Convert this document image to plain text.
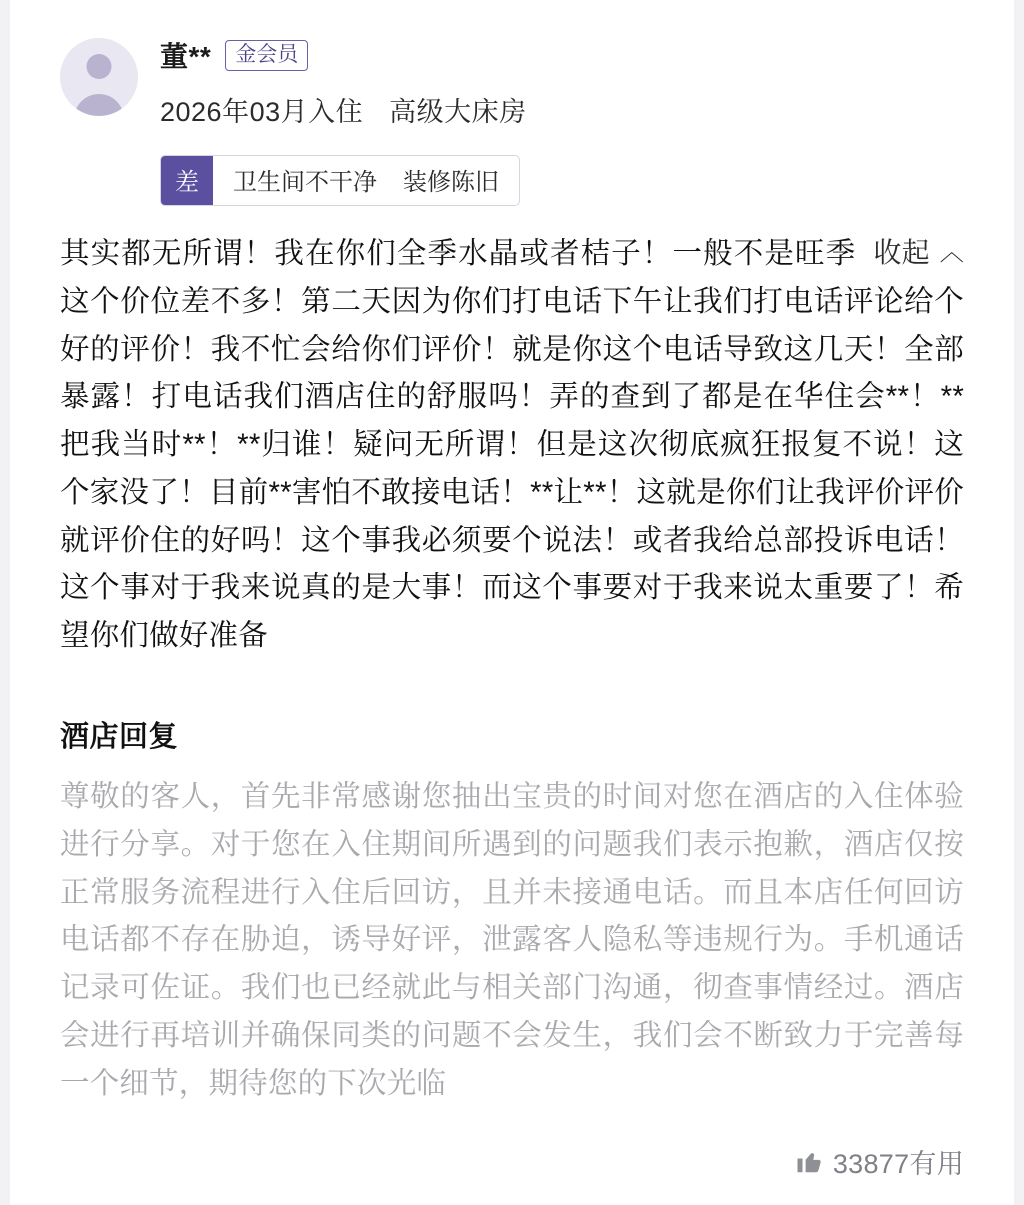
董**	金会员
2026年03月入住 高级大床房
差	卫生间不干净 装修陈旧
收起 ︿
其实都无所谓！我在你们全季水晶或者桔子！一般不是旺季这个价位差不多！第二天因为你们打电话下午让我们打电话评论给个好的评价！我不忙会给你们评价！就是你这个电话导致这几天！全部暴露！打电话我们酒店住的舒服吗！弄的查到了都是在华住会**！**把我当时**！**归谁！疑问无所谓！但是这次彻底疯狂报复不说！这个家没了！目前**害怕不敢接电话！**让**！这就是你们让我评价评价就评价住的好吗！这个事我必须要个说法！或者我给总部投诉电话！这个事对于我来说真的是大事！而这个事要对于我来说太重要了！希望你们做好准备
酒店回复
尊敬的客人，首先非常感谢您抽出宝贵的时间对您在酒店的入住体验进行分享。对于您在入住期间所遇到的问题我们表示抱歉，酒店仅按正常服务流程进行入住后回访，且并未接通电话。而且本店任何回访电话都不存在胁迫，诱导好评，泄露客人隐私等违规行为。手机通话记录可佐证。我们也已经就此与相关部门沟通，彻查事情经过。酒店会进行再培训并确保同类的问题不会发生，我们会不断致力于完善每一个细节，期待您的下次光临
33877有用
